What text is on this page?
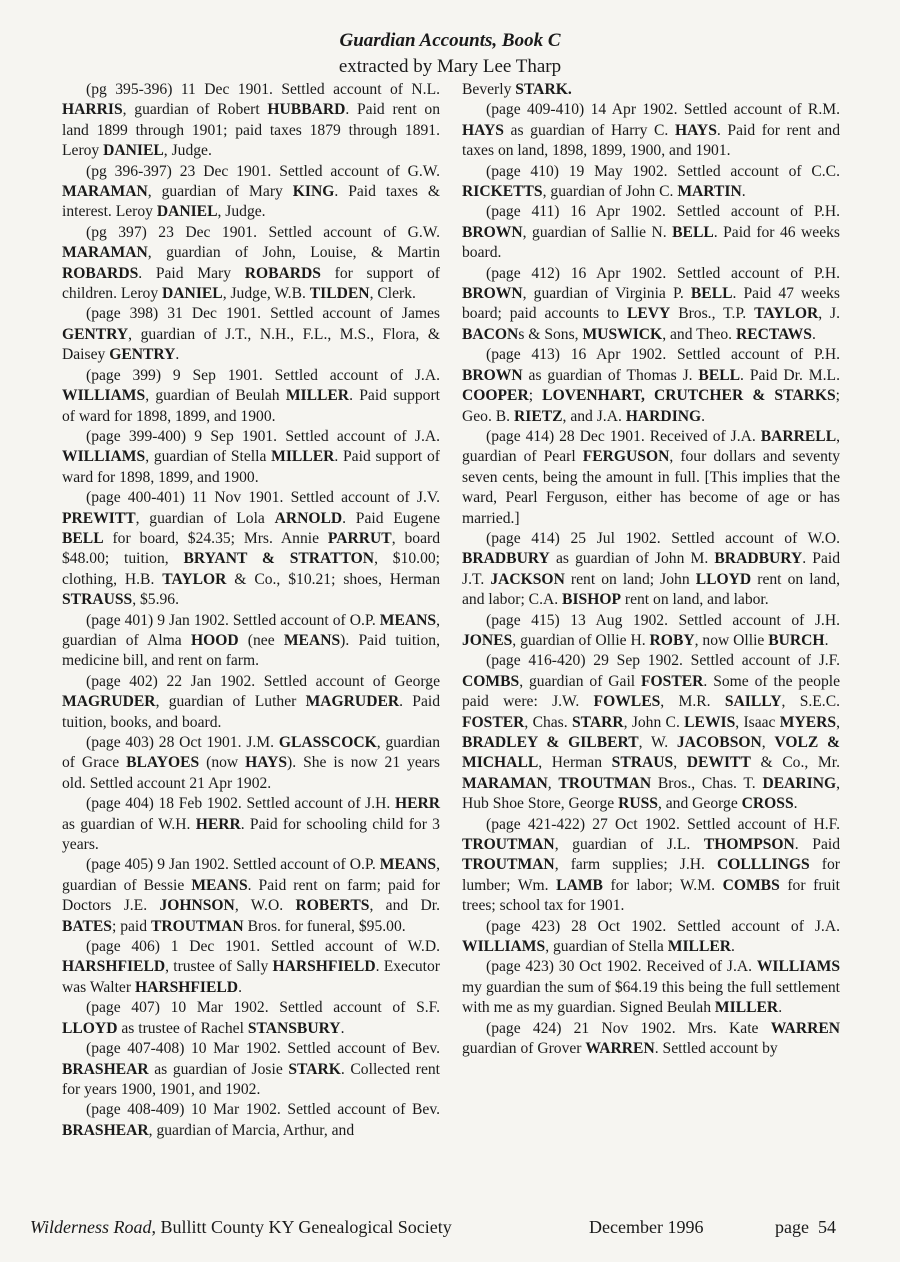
Guardian Accounts, Book C
extracted by Mary Lee Tharp

(pg 395-396) 11 Dec 1901. Settled account of N.L. HARRIS, guardian of Robert HUBBARD. Paid rent on land 1899 through 1901; paid taxes 1879 through 1891. Leroy DANIEL, Judge.

(pg 396-397) 23 Dec 1901. Settled account of G.W. MARAMAN, guardian of Mary KING. Paid taxes & interest. Leroy DANIEL, Judge.

(pg 397) 23 Dec 1901. Settled account of G.W. MARAMAN, guardian of John, Louise, & Martin ROBARDS. Paid Mary ROBARDS for support of children. Leroy DANIEL, Judge, W.B. TILDEN, Clerk.

(page 398) 31 Dec 1901. Settled account of James GENTRY, guardian of J.T., N.H., F.L., M.S., Flora, & Daisey GENTRY.

(page 399) 9 Sep 1901. Settled account of J.A. WILLIAMS, guardian of Beulah MILLER. Paid support of ward for 1898, 1899, and 1900.

(page 399-400) 9 Sep 1901. Settled account of J.A. WILLIAMS, guardian of Stella MILLER. Paid support of ward for 1898, 1899, and 1900.

(page 400-401) 11 Nov 1901. Settled account of J.V. PREWITT, guardian of Lola ARNOLD. Paid Eugene BELL for board, $24.35; Mrs. Annie PARRUT, board $48.00; tuition, BRYANT & STRATTON, $10.00; clothing, H.B. TAYLOR & Co., $10.21; shoes, Herman STRAUSS, $5.96.

(page 401) 9 Jan 1902. Settled account of O.P. MEANS, guardian of Alma HOOD (nee MEANS). Paid tuition, medicine bill, and rent on farm.

(page 402) 22 Jan 1902. Settled account of George MAGRUDER, guardian of Luther MAGRUDER. Paid tuition, books, and board.

(page 403) 28 Oct 1901. J.M. GLASSCOCK, guardian of Grace BLAYOES (now HAYS). She is now 21 years old. Settled account 21 Apr 1902.

(page 404) 18 Feb 1902. Settled account of J.H. HERR as guardian of W.H. HERR. Paid for schooling child for 3 years.

(page 405) 9 Jan 1902. Settled account of O.P. MEANS, guardian of Bessie MEANS. Paid rent on farm; paid for Doctors J.E. JOHNSON, W.O. ROBERTS, and Dr. BATES; paid TROUTMAN Bros. for funeral, $95.00.

(page 406) 1 Dec 1901. Settled account of W.D. HARSHFIELD, trustee of Sally HARSHFIELD. Executor was Walter HARSHFIELD.

(page 407) 10 Mar 1902. Settled account of S.F. LLOYD as trustee of Rachel STANSBURY.

(page 407-408) 10 Mar 1902. Settled account of Bev. BRASHEAR as guardian of Josie STARK. Collected rent for years 1900, 1901, and 1902.

(page 408-409) 10 Mar 1902. Settled account of Bev. BRASHEAR, guardian of Marcia, Arthur, and

Beverly STARK.

(page 409-410) 14 Apr 1902. Settled account of R.M. HAYS as guardian of Harry C. HAYS. Paid for rent and taxes on land, 1898, 1899, 1900, and 1901.

(page 410) 19 May 1902. Settled account of C.C. RICKETTS, guardian of John C. MARTIN.

(page 411) 16 Apr 1902. Settled account of P.H. BROWN, guardian of Sallie N. BELL. Paid for 46 weeks board.

(page 412) 16 Apr 1902. Settled account of P.H. BROWN, guardian of Virginia P. BELL. Paid 47 weeks board; paid accounts to LEVY Bros., T.P. TAYLOR, J. BACONs & Sons, MUSWICK, and Theo. RECTAWS.

(page 413) 16 Apr 1902. Settled account of P.H. BROWN as guardian of Thomas J. BELL. Paid Dr. M.L. COOPER; LOVENHART, CRUTCHER & STARKS; Geo. B. RIETZ, and J.A. HARDING.

(page 414) 28 Dec 1901. Received of J.A. BARRELL, guardian of Pearl FERGUSON, four dollars and seventy seven cents, being the amount in full. [This implies that the ward, Pearl Ferguson, either has become of age or has married.]

(page 414) 25 Jul 1902. Settled account of W.O. BRADBURY as guardian of John M. BRADBURY. Paid J.T. JACKSON rent on land; John LLOYD rent on land, and labor; C.A. BISHOP rent on land, and labor.

(page 415) 13 Aug 1902. Settled account of J.H. JONES, guardian of Ollie H. ROBY, now Ollie BURCH.

(page 416-420) 29 Sep 1902. Settled account of J.F. COMBS, guardian of Gail FOSTER. Some of the people paid were: J.W. FOWLES, M.R. SAILLY, S.E.C. FOSTER, Chas. STARR, John C. LEWIS, Isaac MYERS, BRADLEY & GILBERT, W. JACOBSON, VOLZ & MICHALL, Herman STRAUS, DEWITT & Co., Mr. MARAMAN, TROUTMAN Bros., Chas. T. DEARING, Hub Shoe Store, George RUSS, and George CROSS.

(page 421-422) 27 Oct 1902. Settled account of H.F. TROUTMAN, guardian of J.L. THOMPSON. Paid TROUTMAN, farm supplies; J.H. COLLLINGS for lumber; Wm. LAMB for labor; W.M. COMBS for fruit trees; school tax for 1901.

(page 423) 28 Oct 1902. Settled account of J.A. WILLIAMS, guardian of Stella MILLER.

(page 423) 30 Oct 1902. Received of J.A. WILLIAMS my guardian the sum of $64.19 this being the full settlement with me as my guardian. Signed Beulah MILLER.

(page 424) 21 Nov 1902. Mrs. Kate WARREN guardian of Grover WARREN. Settled account by

Wilderness Road, Bullitt County KY Genealogical Society	December 1996	page  54
